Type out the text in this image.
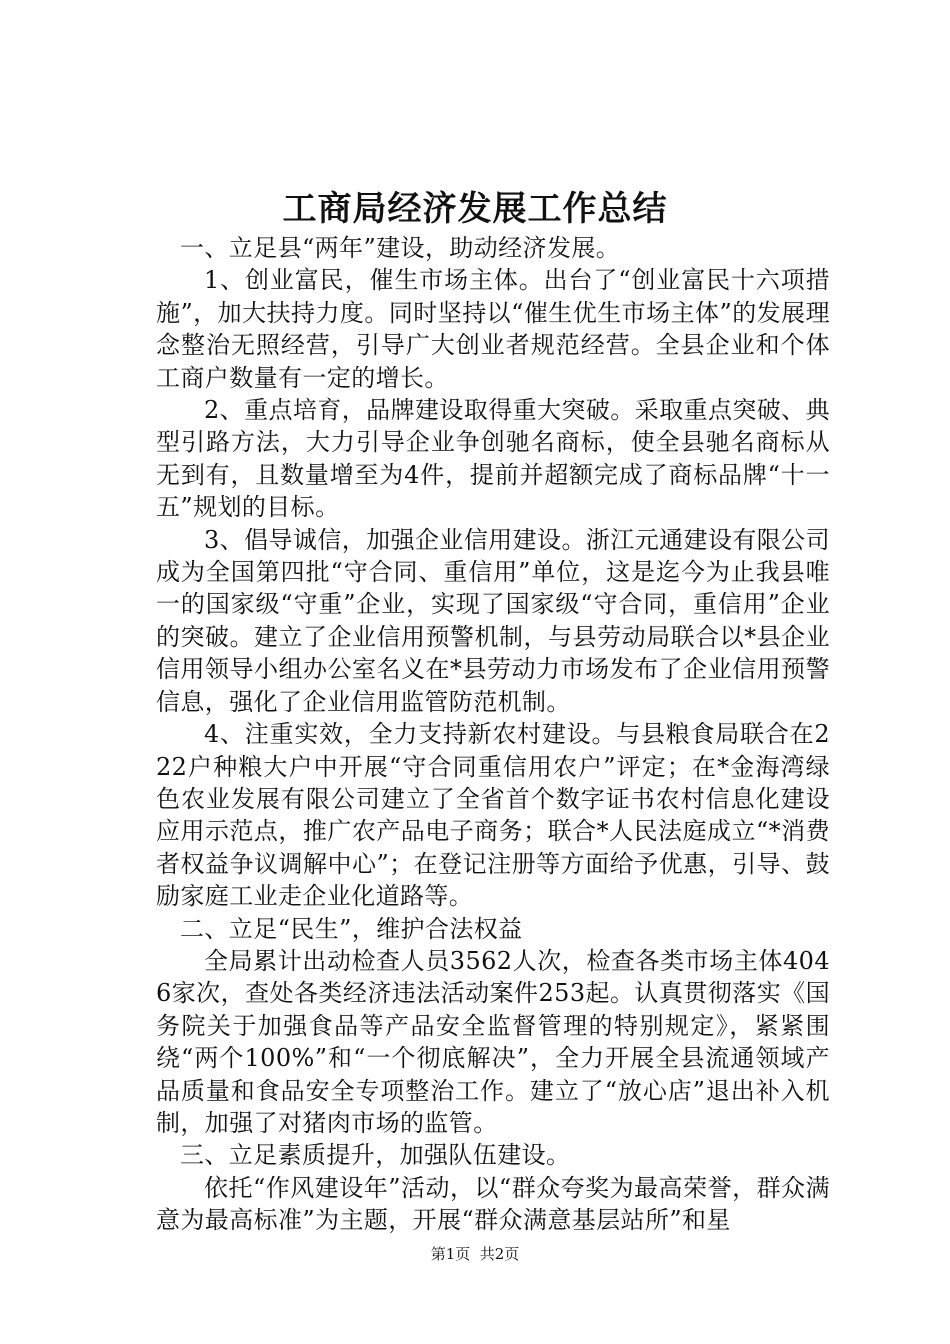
工商局经济发展工作总结

一、立足县“两年”建设，助动经济发展。

1、创业富民，催生市场主体。出台了“创业富民十六项措施”，加大扶持力度。同时坚持以“催生优生市场主体”的发展理念整治无照经营，引导广大创业者规范经营。全县企业和个体工商户数量有一定的增长。

2、重点培育，品牌建设取得重大突破。采取重点突破、典型引路方法，大力引导企业争创驰名商标，使全县驰名商标从无到有，且数量增至为4件，提前并超额完成了商标品牌“十一五”规划的目标。

3、倡导诚信，加强企业信用建设。浙江元通建设有限公司成为全国第四批“守合同、重信用”单位，这是迄今为止我县唯一的国家级“守重”企业，实现了国家级“守合同，重信用”企业的突破。建立了企业信用预警机制，与县劳动局联合以*县企业信用领导小组办公室名义在*县劳动力市场发布了企业信用预警信息，强化了企业信用监管防范机制。

4、注重实效，全力支持新农村建设。与县粮食局联合在222户种粮大户中开展“守合同重信用农户”评定；在*金海湾绿色农业发展有限公司建立了全省首个数字证书农村信息化建设应用示范点，推广农产品电子商务；联合*人民法庭成立“*消费者权益争议调解中心”；在登记注册等方面给予优惠，引导、鼓励家庭工业走企业化道路等。

二、立足“民生”，维护合法权益

全局累计出动检查人员3562人次，检查各类市场主体4046家次，查处各类经济违法活动案件253起。认真贯彻落实《国务院关于加强食品等产品安全监督管理的特别规定》，紧紧围绕“两个100%”和“一个彻底解决”，全力开展全县流通领域产品质量和食品安全专项整治工作。建立了“放心店”退出补入机制，加强了对猪肉市场的监管。

三、立足素质提升，加强队伍建设。

依托“作风建设年”活动，以“群众夸奖为最高荣誉，群众满意为最高标准”为主题，开展“群众满意基层站所”和星

第1页  共2页
